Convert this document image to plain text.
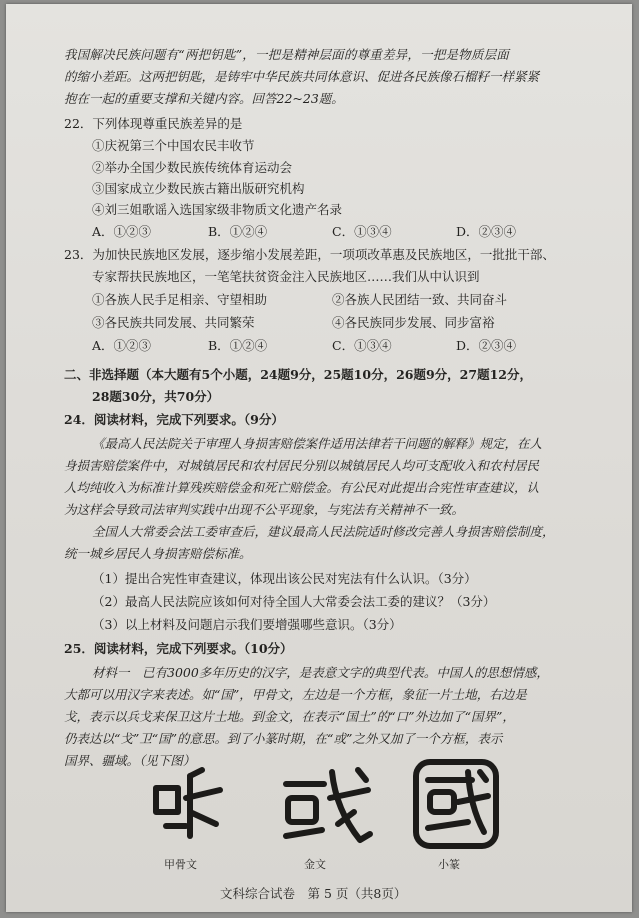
我国解决民族问题有“两把钥匙”，一把是精神层面的尊重差异，一把是物质层面
的缩小差距。这两把钥匙，是铸牢中华民族共同体意识、促进各民族像石榴籽一样紧紧
抱在一起的重要支撑和关键内容。回答22~23题。
22．下列体现尊重民族差异的是
①庆祝第三个中国农民丰收节
②举办全国少数民族传统体育运动会
③国家成立少数民族古籍出版研究机构
④刘三姐歌谣入选国家级非物质文化遗产名录
A．①②③	B．①②④	C．①③④	D．②③④
23．为加快民族地区发展，逐步缩小发展差距，一项项改革惠及民族地区，一批批干部、
专家帮扶民族地区，一笔笔扶贫资金注入民族地区……我们从中认识到
①各族人民手足相亲、守望相助	②各族人民团结一致、共同奋斗
③各民族共同发展、共同繁荣	④各民族同步发展、同步富裕
A．①②③	B．①②④	C．①③④	D．②③④
二、非选择题（本大题有5个小题，24题9分，25题10分，26题9分，27题12分，
28题30分，共70分）
24．阅读材料，完成下列要求。（9分）
《最高人民法院关于审理人身损害赔偿案件适用法律若干问题的解释》规定，在人
身损害赔偿案件中，对城镇居民和农村居民分别以城镇居民人均可支配收入和农村居民
人均纯收入为标准计算残疾赔偿金和死亡赔偿金。有公民对此提出合宪性审查建议，认
为这样会导致司法审判实践中出现不公平现象，与宪法有关精神不一致。
全国人大常委会法工委审查后，建议最高人民法院适时修改完善人身损害赔偿制度，
统一城乡居民人身损害赔偿标准。
（1）提出合宪性审查建议，体现出该公民对宪法有什么认识。（3分）
（2）最高人民法院应该如何对待全国人大常委会法工委的建议？（3分）
（3）以上材料及问题启示我们要增强哪些意识。（3分）
25．阅读材料，完成下列要求。（10分）
材料一　已有3000多年历史的汉字，是表意文字的典型代表。中国人的思想情感，
大都可以用汉字来表述。如“国”，甲骨文，左边是一个方框，象征一片土地，右边是
戈，表示以兵戈来保卫这片土地。到金文，在表示“国土”的“口”外边加了“国界”，
仍表达以“戈”卫“国”的意思。到了小篆时期，在“或”之外又加了一个方框，表示
国界、疆域。（见下图）
甲骨文	金文	小篆
文科综合试卷　第 5 页（共8页）
